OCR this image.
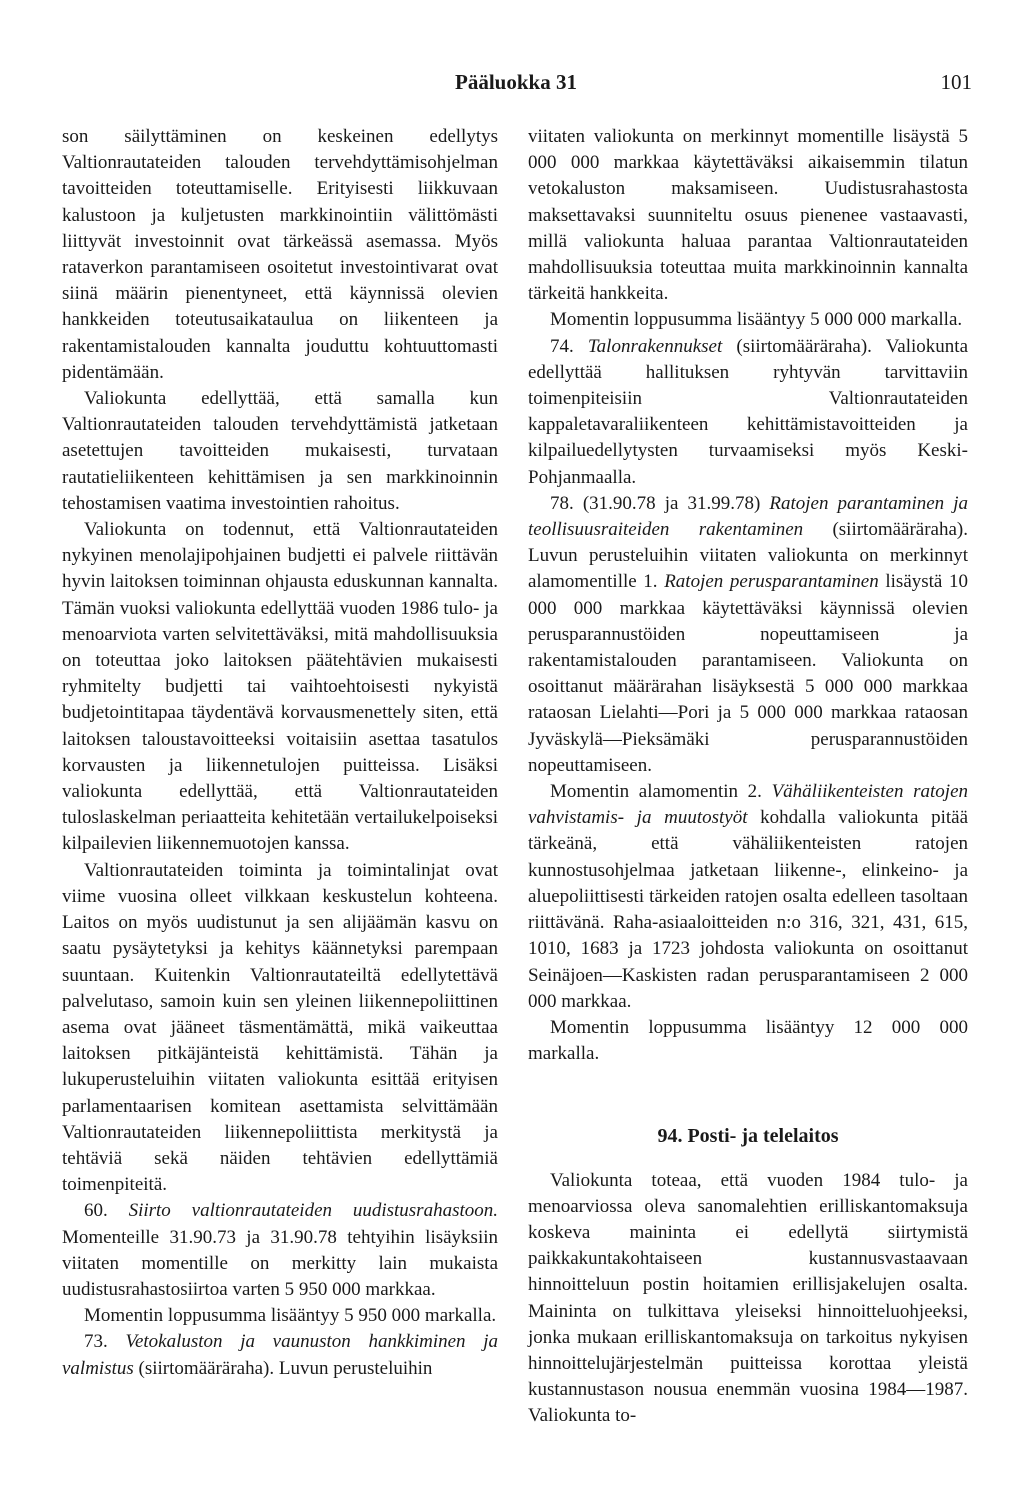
Pääluokka 31	101

son säilyttäminen on keskeinen edellytys Valtionrautateiden talouden tervehdyttämisohjelman tavoitteiden toteuttamiselle. Erityisesti liikkuvaan kalustoon ja kuljetusten markkinointiin välittömästi liittyvät investoinnit ovat tärkeässä asemassa. Myös rataverkon parantamiseen osoitetut investointivarat ovat siinä määrin pienentyneet, että käynnissä olevien hankkeiden toteutusaikataulua on liikenteen ja rakentamistalouden kannalta jouduttu kohtuuttomasti pidentämään.

Valiokunta edellyttää, että samalla kun Valtionrautateiden talouden tervehdyttämistä jatketaan asetettujen tavoitteiden mukaisesti, turvataan rautatieliikenteen kehittämisen ja sen markkinoinnin tehostamisen vaatima investointien rahoitus.

Valiokunta on todennut, että Valtionrautateiden nykyinen menolajipohjainen budjetti ei palvele riittävän hyvin laitoksen toiminnan ohjausta eduskunnan kannalta. Tämän vuoksi valiokunta edellyttää vuoden 1986 tulo- ja menoarviota varten selvitettäväksi, mitä mahdollisuuksia on toteuttaa joko laitoksen päätehtävien mukaisesti ryhmitelty budjetti tai vaihtoehtoisesti nykyistä budjetointitapaa täydentävä korvausmenettely siten, että laitoksen taloustavoitteeksi voitaisiin asettaa tasatulos korvausten ja liikennetulojen puitteissa. Lisäksi valiokunta edellyttää, että Valtionrautateiden tuloslaskelman periaatteita kehitetään vertailukelpoiseksi kilpailevien liikennemuotojen kanssa.

Valtionrautateiden toiminta ja toimintalinjat ovat viime vuosina olleet vilkkaan keskustelun kohteena. Laitos on myös uudistunut ja sen alijäämän kasvu on saatu pysäytetyksi ja kehitys käännetyksi parempaan suuntaan. Kuitenkin Valtionrautateiltä edellytettävä palvelutaso, samoin kuin sen yleinen liikennepoliittinen asema ovat jääneet täsmentämättä, mikä vaikeuttaa laitoksen pitkäjänteistä kehittämistä. Tähän ja lukuperusteluihin viitaten valiokunta esittää erityisen parlamentaarisen komitean asettamista selvittämään Valtionrautateiden liikennepoliittista merkitystä ja tehtäviä sekä näiden tehtävien edellyttämiä toimenpiteitä.

60. Siirto valtionrautateiden uudistusrahastoon. Momenteille 31.90.73 ja 31.90.78 tehtyihin lisäyksiin viitaten momentille on merkitty lain mukaista uudistusrahastosiirtoa varten 5 950 000 markkaa.

Momentin loppusumma lisääntyy 5 950 000 markalla.

73. Vetokaluston ja vaunuston hankkiminen ja valmistus (siirtomääräraha). Luvun perusteluihin

viitaten valiokunta on merkinnyt momentille lisäystä 5 000 000 markkaa käytettäväksi aikaisemmin tilatun vetokaluston maksamiseen. Uudistusrahastosta maksettavaksi suunniteltu osuus pienenee vastaavasti, millä valiokunta haluaa parantaa Valtionrautateiden mahdollisuuksia toteuttaa muita markkinoinnin kannalta tärkeitä hankkeita.

Momentin loppusumma lisääntyy 5 000 000 markalla.

74. Talonrakennukset (siirtomääräraha). Valiokunta edellyttää hallituksen ryhtyvän tarvittaviin toimenpiteisiin Valtionrautateiden kappaletavaraliikenteen kehittämistavoitteiden ja kilpailuedellytysten turvaamiseksi myös Keski-Pohjanmaalla.

78. (31.90.78 ja 31.99.78) Ratojen parantaminen ja teollisuusraiteiden rakentaminen (siirtomääräraha). Luvun perusteluihin viitaten valiokunta on merkinnyt alamomentille 1. Ratojen perusparantaminen lisäystä 10 000 000 markkaa käytettäväksi käynnissä olevien perusparannustöiden nopeuttamiseen ja rakentamistalouden parantamiseen. Valiokunta on osoittanut määrärahan lisäyksestä 5 000 000 markkaa rataosan Lielahti—Pori ja 5 000 000 markkaa rataosan Jyväskylä—Pieksämäki perusparannustöiden nopeuttamiseen.

Momentin alamomentin 2. Vähäliikenteisten ratojen vahvistamis- ja muutostyöt kohdalla valiokunta pitää tärkeänä, että vähäliikenteisten ratojen kunnostusohjelmaa jatketaan liikenne-, elinkeino- ja aluepoliittisesti tärkeiden ratojen osalta edelleen tasoltaan riittävänä. Raha-asiaaloitteiden n:o 316, 321, 431, 615, 1010, 1683 ja 1723 johdosta valiokunta on osoittanut Seinäjoen—Kaskisten radan perusparantamiseen 2 000 000 markkaa.

Momentin loppusumma lisääntyy 12 000 000 markalla.

94. Posti- ja telelaitos

Valiokunta toteaa, että vuoden 1984 tulo- ja menoarviossa oleva sanomalehtien erilliskantomaksuja koskeva maininta ei edellytä siirtymistä paikkakuntakohtaiseen kustannusvastaavaan hinnoitteluun postin hoitamien erillisjakelujen osalta. Maininta on tulkittava yleiseksi hinnoitteluohjeeksi, jonka mukaan erilliskantomaksuja on tarkoitus nykyisen hinnoittelujärjestelmän puitteissa korottaa yleistä kustannustason nousua enemmän vuosina 1984—1987. Valiokunta to-
